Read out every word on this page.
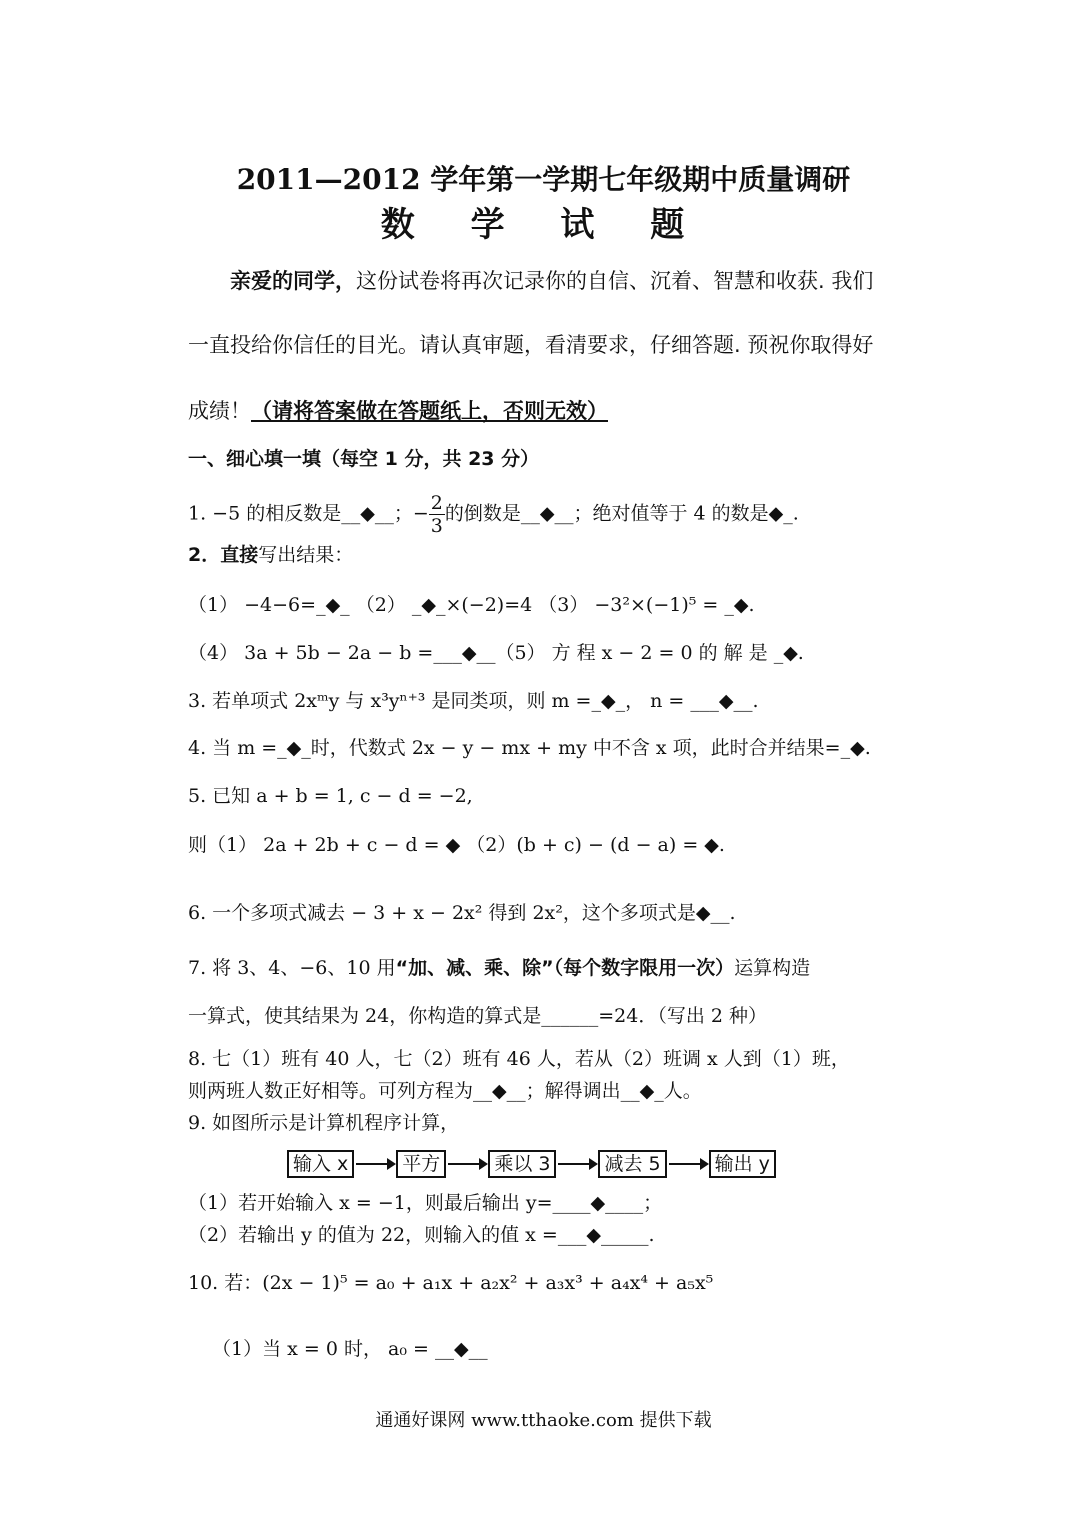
2011—2012 学年第一学期七年级期中质量调研
数 学 试 题
亲爱的同学，这份试卷将再次记录你的自信、沉着、智慧和收获. 我们
一直投给你信任的目光。请认真审题，看清要求，仔细答题. 预祝你取得好
成绩！（请将答案做在答题纸上，否则无效）
一、细心填一填（每空 1 分，共 23 分）
1. −5 的相反数是__◆__；− $\frac{2}{3}$ 的倒数是__◆__；绝对值等于 4 的数是◆_.
2．直接写出结果：
（1） −4−6=_◆_ （2） _◆_×(−2)=4 （3） −3²×(−1)⁵ = _◆.
（4） 3a + 5b − 2a − b =___◆__（5） 方 程 x − 2 = 0 的 解 是 _◆.
3. 若单项式 2xᵐy 与 x³yⁿ⁺³ 是同类项，则 m =_◆_， n = ___◆__.
4. 当 m =_◆_时，代数式 2x − y − mx + my 中不含 x 项，此时合并结果=_◆.
5. 已知 a + b = 1, c − d = −2,
则（1） 2a + 2b + c − d = ◆ （2）(b + c) − (d − a) = ◆.
6. 一个多项式减去 − 3 + x − 2x² 得到 2x²，这个多项式是◆__.
7. 将 3、4、−6、10 用“加、减、乘、除”（每个数字限用一次）运算构造
一算式，使其结果为 24，你构造的算式是______=24．（写出 2 种）
8. 七（1）班有 40 人，七（2）班有 46 人，若从（2）班调 x 人到（1）班，
则两班人数正好相等。可列方程为__◆__；解得调出__◆_人。
9. 如图所示是计算机程序计算，
输入 x	平方	乘以 3	减去 5	输出 y
（1）若开始输入 x = −1，则最后输出 y=____◆____；
（2）若输出 y 的值为 22，则输入的值 x =___◆_____.
10. 若：(2x − 1)⁵ = a₀ + a₁x + a₂x² + a₃x³ + a₄x⁴ + a₅x⁵
（1）当 x = 0 时， a₀ = __◆__
通通好课网 www.tthaoke.com 提供下载
